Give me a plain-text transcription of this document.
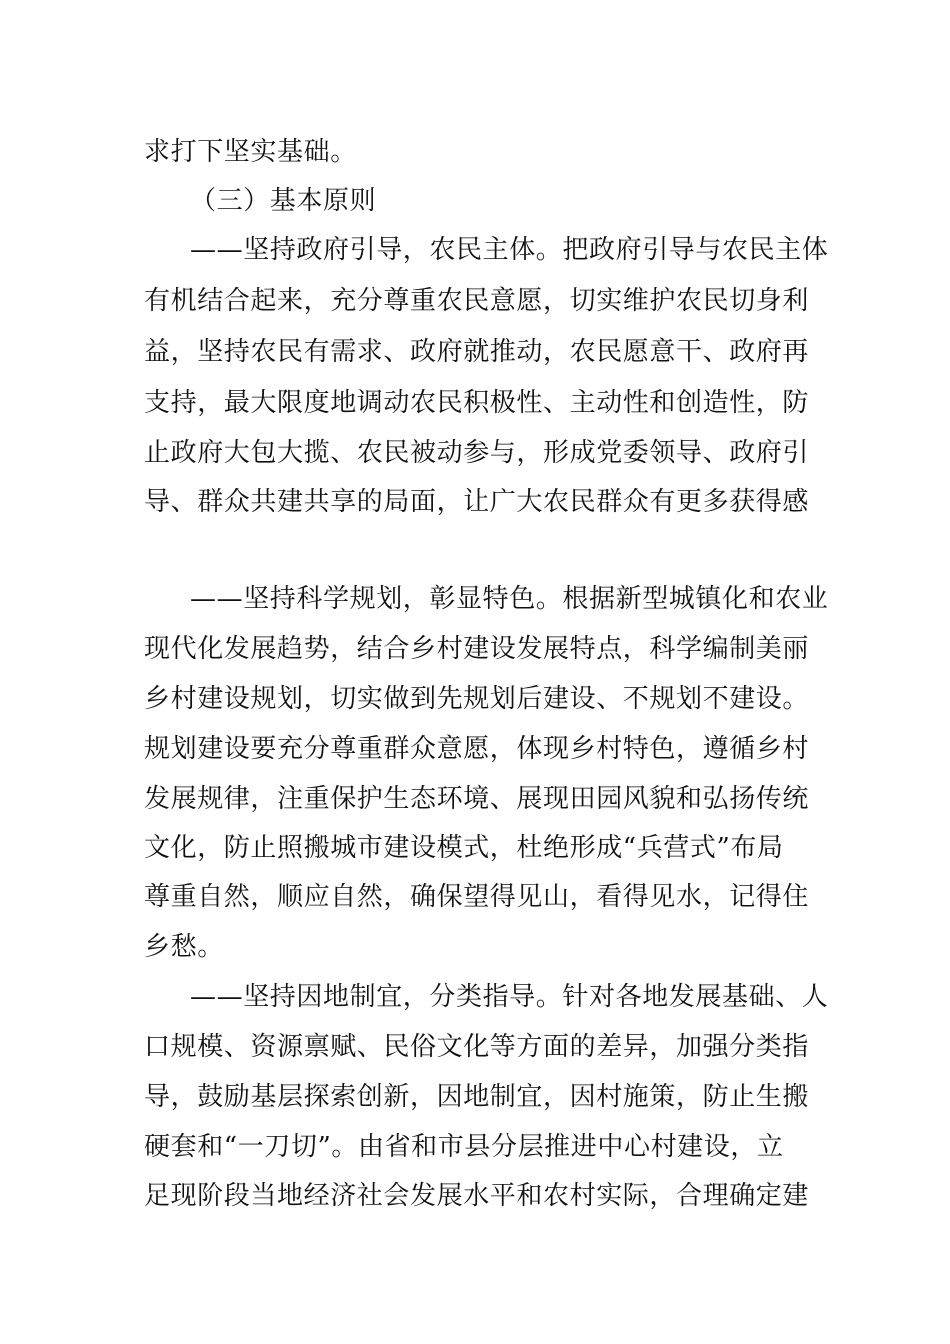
求打下坚实基础。
（三）基本原则
——坚持政府引导，农民主体。把政府引导与农民主体
有机结合起来，充分尊重农民意愿，切实维护农民切身利
益，坚持农民有需求、政府就推动，农民愿意干、政府再
支持，最大限度地调动农民积极性、主动性和创造性，防
止政府大包大揽、农民被动参与，形成党委领导、政府引
导、群众共建共享的局面，让广大农民群众有更多获得感
——坚持科学规划，彰显特色。根据新型城镇化和农业
现代化发展趋势，结合乡村建设发展特点，科学编制美丽
乡村建设规划，切实做到先规划后建设、不规划不建设。
规划建设要充分尊重群众意愿，体现乡村特色，遵循乡村
发展规律，注重保护生态环境、展现田园风貌和弘扬传统
文化，防止照搬城市建设模式，杜绝形成“兵营式”布局
尊重自然，顺应自然，确保望得见山，看得见水，记得住
乡愁。
——坚持因地制宜，分类指导。针对各地发展基础、人
口规模、资源禀赋、民俗文化等方面的差异，加强分类指
导，鼓励基层探索创新，因地制宜，因村施策，防止生搬
硬套和“一刀切”。由省和市县分层推进中心村建设，立
足现阶段当地经济社会发展水平和农村实际，合理确定建
